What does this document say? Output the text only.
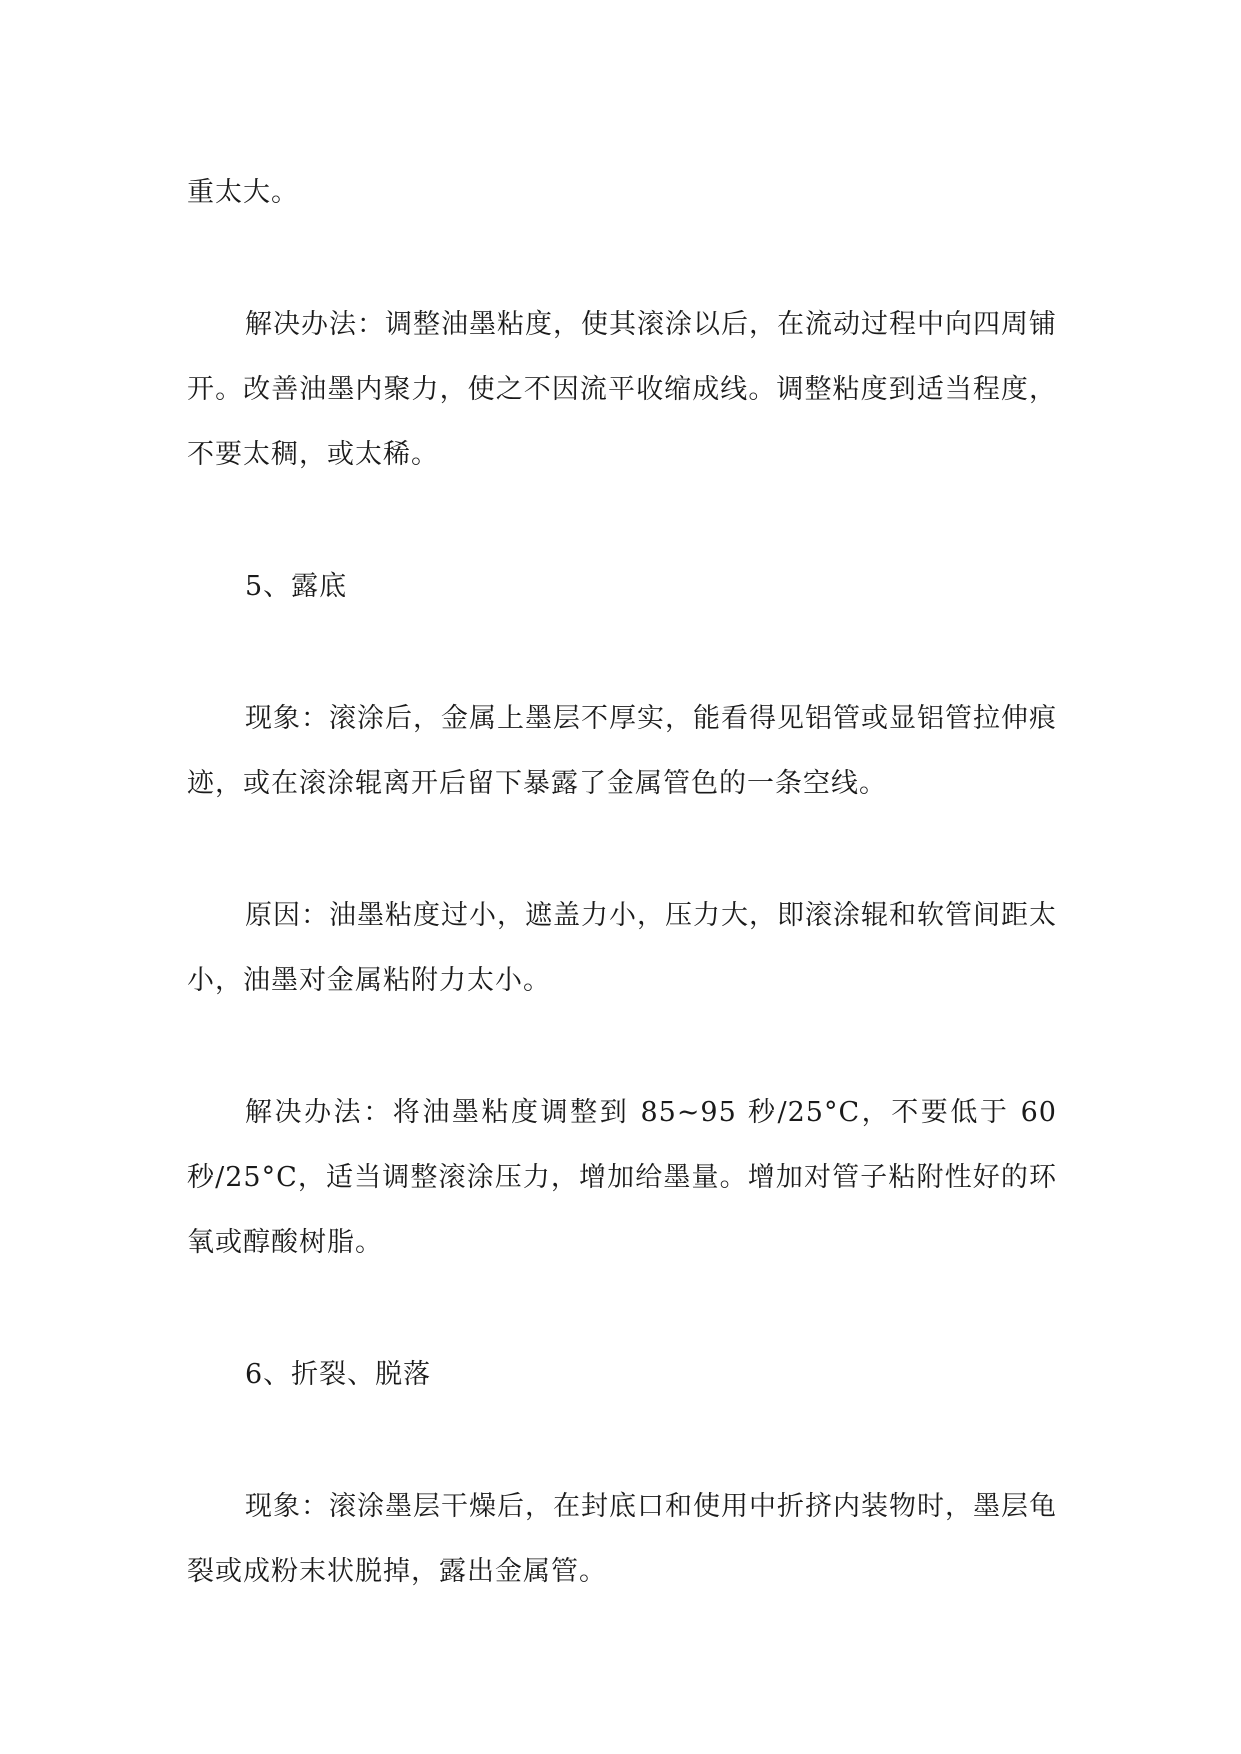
重太大。

解决办法：调整油墨粘度，使其滚涂以后，在流动过程中向四周铺开。改善油墨内聚力，使之不因流平收缩成线。调整粘度到适当程度，不要太稠，或太稀。

5、露底

现象：滚涂后，金属上墨层不厚实，能看得见铝管或显铝管拉伸痕迹，或在滚涂辊离开后留下暴露了金属管色的一条空线。

原因：油墨粘度过小，遮盖力小，压力大，即滚涂辊和软管间距太小，油墨对金属粘附力太小。

解决办法：将油墨粘度调整到 85~95 秒/25°C，不要低于 60 秒/25°C，适当调整滚涂压力，增加给墨量。增加对管子粘附性好的环氧或醇酸树脂。

6、折裂、脱落

现象：滚涂墨层干燥后，在封底口和使用中折挤内装物时，墨层龟裂或成粉末状脱掉，露出金属管。
